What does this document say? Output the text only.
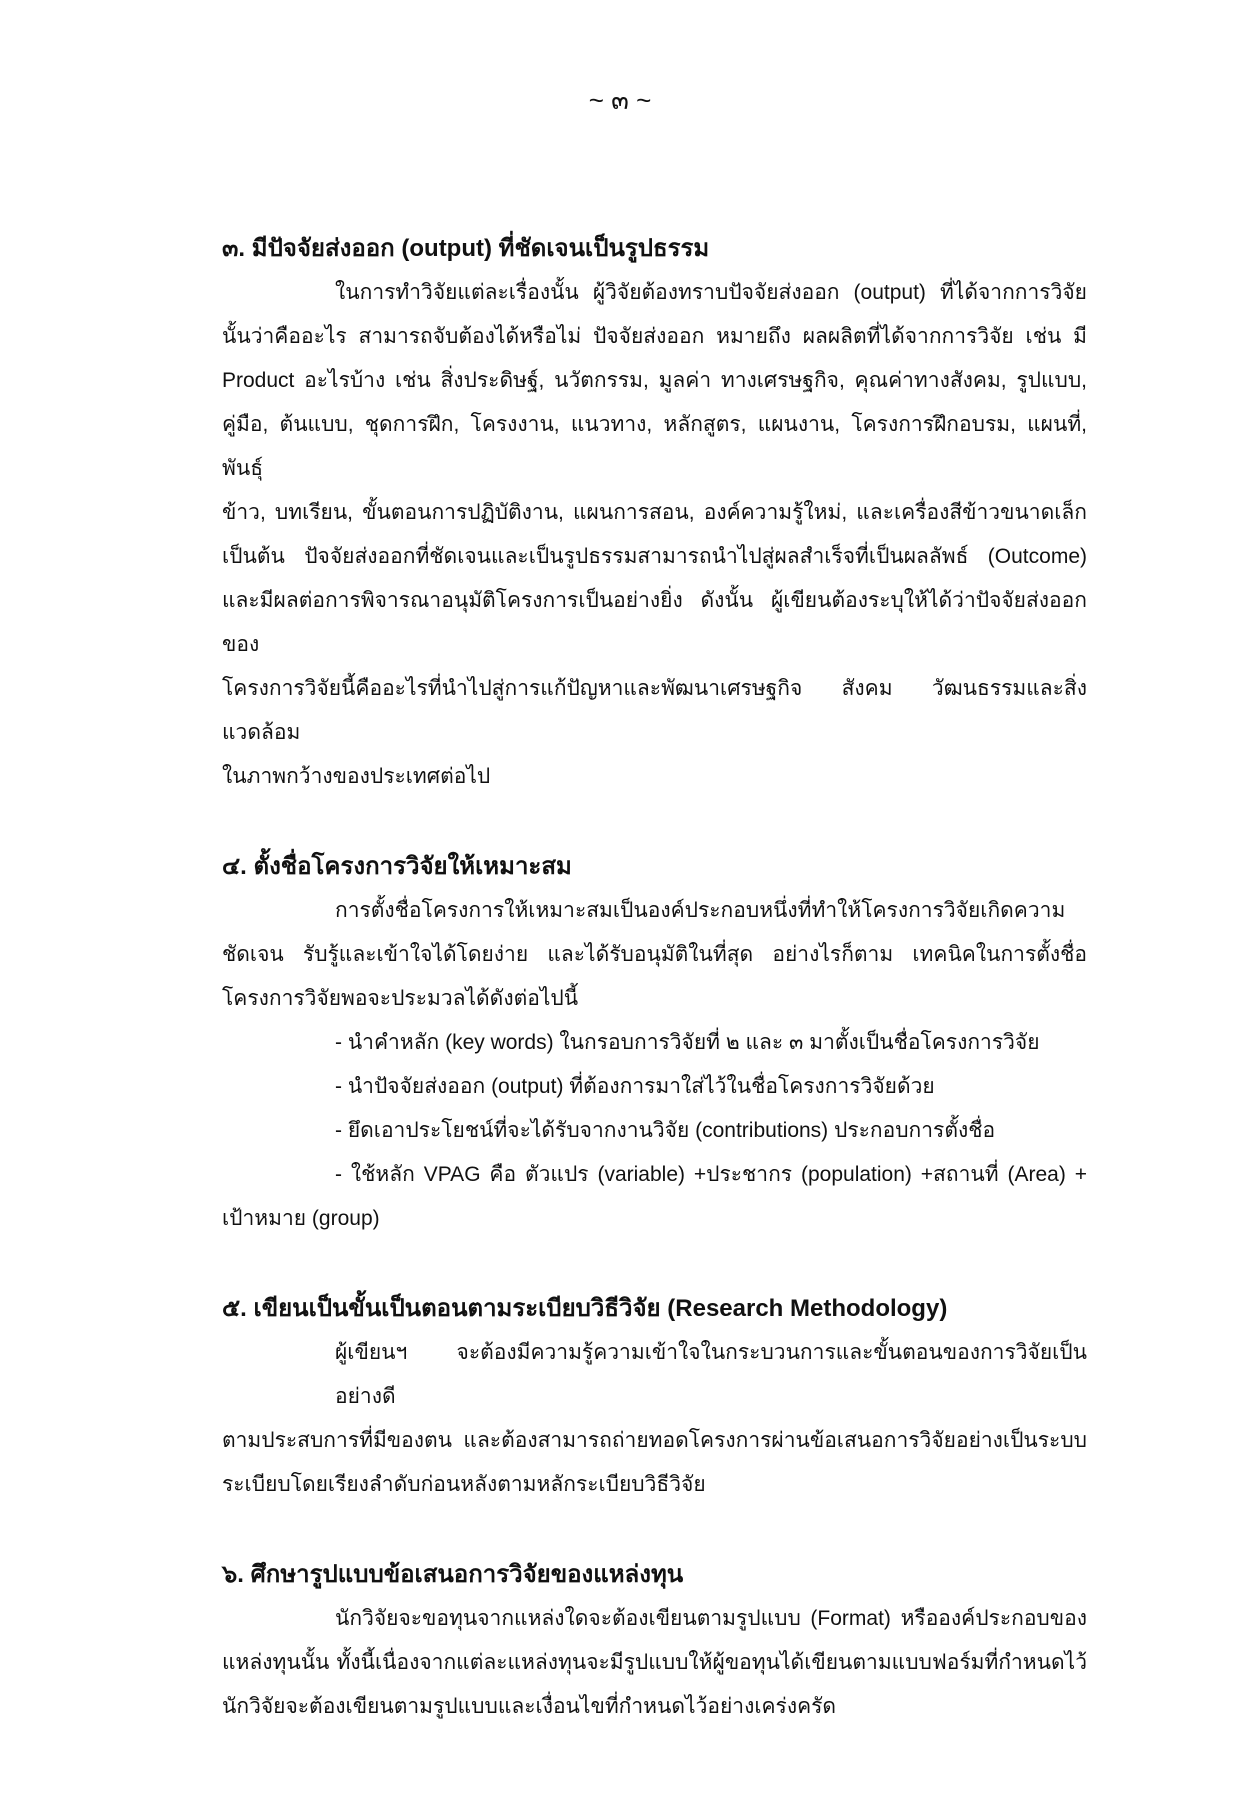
~ ๓ ~
๓. มีปัจจัยส่งออก (output) ที่ชัดเจนเป็นรูปธรรม
ในการทำวิจัยแต่ละเรื่องนั้น ผู้วิจัยต้องทราบปัจจัยส่งออก (output) ที่ได้จากการวิจัย
นั้นว่าคืออะไร สามารถจับต้องได้หรือไม่ ปัจจัยส่งออก หมายถึง ผลผลิตที่ได้จากการวิจัย เช่น มี
Product อะไรบ้าง เช่น สิ่งประดิษฐ์, นวัตกรรม, มูลค่า ทางเศรษฐกิจ, คุณค่าทางสังคม, รูปแบบ,
คู่มือ, ต้นแบบ, ชุดการฝึก, โครงงาน, แนวทาง, หลักสูตร, แผนงาน, โครงการฝึกอบรม, แผนที่, พันธุ์
ข้าว, บทเรียน, ขั้นตอนการปฏิบัติงาน, แผนการสอน, องค์ความรู้ใหม่, และเครื่องสีข้าวขนาดเล็ก
เป็นต้น ปัจจัยส่งออกที่ชัดเจนและเป็นรูปธรรมสามารถนำไปสู่ผลสำเร็จที่เป็นผลลัพธ์ (Outcome)
และมีผลต่อการพิจารณาอนุมัติโครงการเป็นอย่างยิ่ง ดังนั้น ผู้เขียนต้องระบุให้ได้ว่าปัจจัยส่งออกของ
โครงการวิจัยนี้คืออะไรที่นำไปสู่การแก้ปัญหาและพัฒนาเศรษฐกิจ สังคม วัฒนธรรมและสิ่งแวดล้อม
ในภาพกว้างของประเทศต่อไป
๔. ตั้งชื่อโครงการวิจัยให้เหมาะสม
การตั้งชื่อโครงการให้เหมาะสมเป็นองค์ประกอบหนึ่งที่ทำให้โครงการวิจัยเกิดความ
ชัดเจน รับรู้และเข้าใจได้โดยง่าย และได้รับอนุมัติในที่สุด อย่างไรก็ตาม เทคนิคในการตั้งชื่อ
โครงการวิจัยพอจะประมวลได้ดังต่อไปนี้
- นำคำหลัก (key words) ในกรอบการวิจัยที่ ๒ และ ๓ มาตั้งเป็นชื่อโครงการวิจัย
- นำปัจจัยส่งออก (output) ที่ต้องการมาใส่ไว้ในชื่อโครงการวิจัยด้วย
- ยึดเอาประโยชน์ที่จะได้รับจากงานวิจัย (contributions) ประกอบการตั้งชื่อ
- ใช้หลัก VPAG คือ ตัวแปร (variable) +ประชากร (population) +สถานที่ (Area) +
เป้าหมาย (group)
๕. เขียนเป็นขั้นเป็นตอนตามระเบียบวิธีวิจัย (Research Methodology)
ผู้เขียนฯ จะต้องมีความรู้ความเข้าใจในกระบวนการและขั้นตอนของการวิจัยเป็นอย่างดี
ตามประสบการที่มีของตน และต้องสามารถถ่ายทอดโครงการผ่านข้อเสนอการวิจัยอย่างเป็นระบบ
ระเบียบโดยเรียงลำดับก่อนหลังตามหลักระเบียบวิธีวิจัย
๖. ศึกษารูปแบบข้อเสนอการวิจัยของแหล่งทุน
นักวิจัยจะขอทุนจากแหล่งใดจะต้องเขียนตามรูปแบบ (Format) หรือองค์ประกอบของ
แหล่งทุนนั้น ทั้งนี้เนื่องจากแต่ละแหล่งทุนจะมีรูปแบบให้ผู้ขอทุนได้เขียนตามแบบฟอร์มที่กำหนดไว้
นักวิจัยจะต้องเขียนตามรูปแบบและเงื่อนไขที่กำหนดไว้อย่างเคร่งครัด
